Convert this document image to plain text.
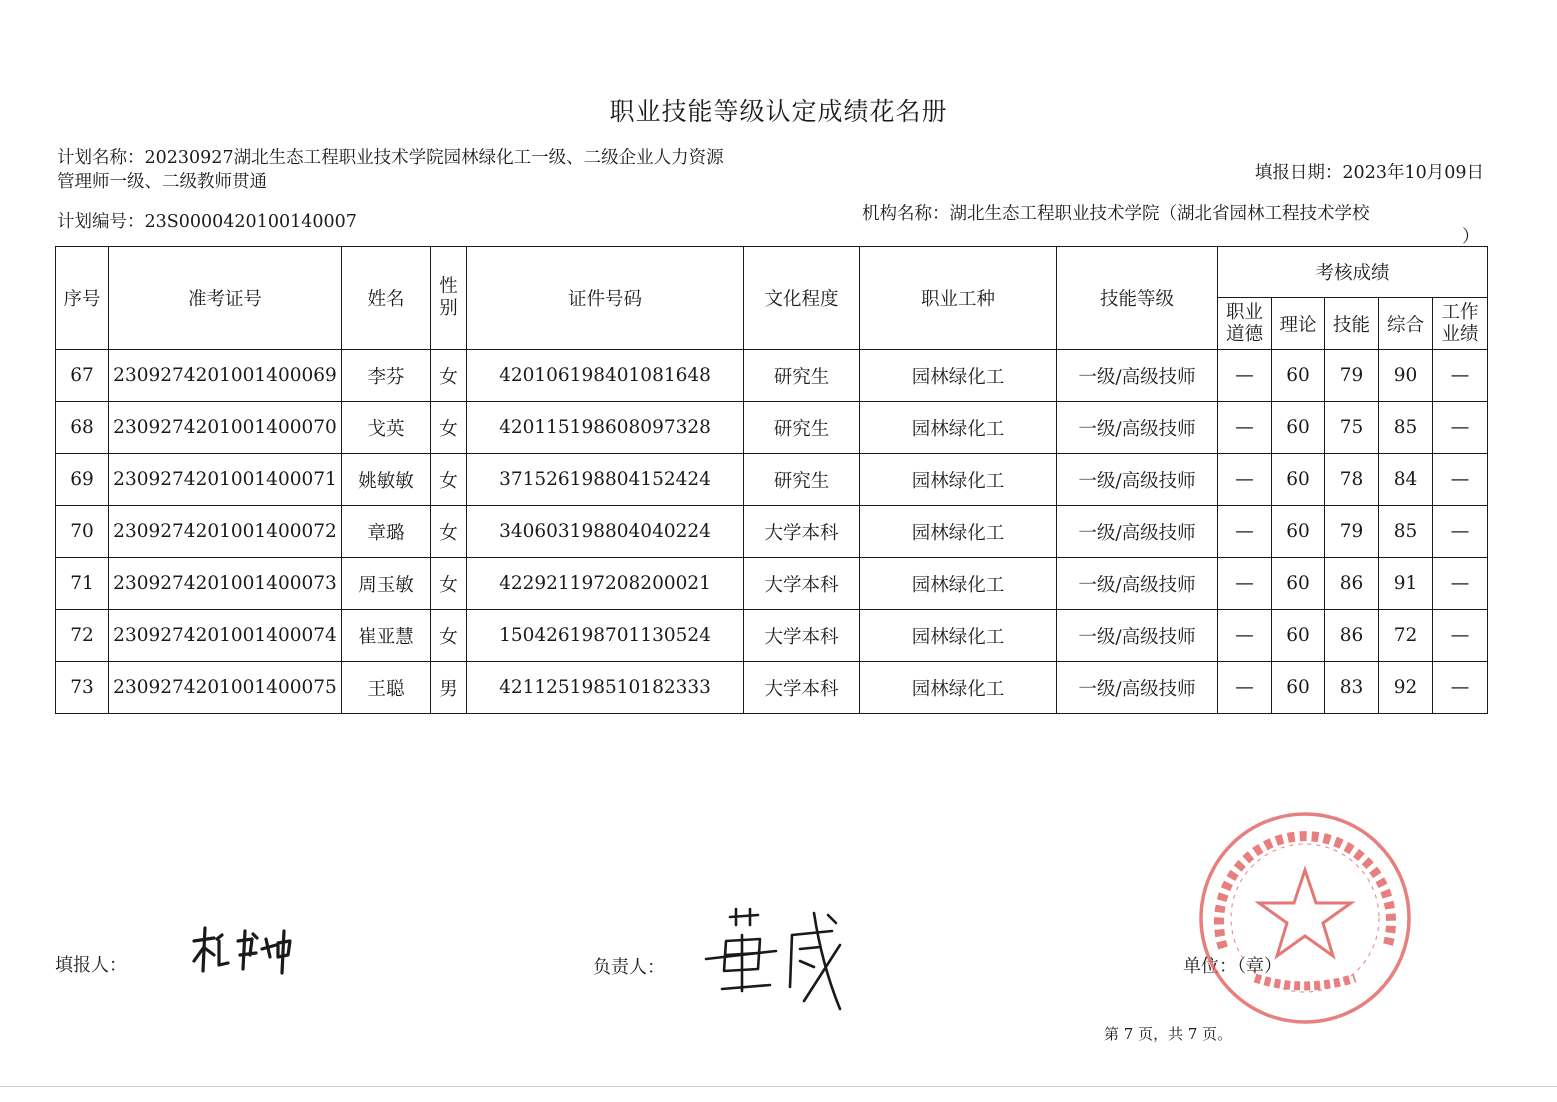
职业技能等级认定成绩花名册
计划名称：20230927湖北生态工程职业技术学院园林绿化工一级、二级企业人力资源
管理师一级、二级教师贯通	填报日期：2023年10月09日
计划编号：23S0000420100140007	机构名称：湖北生态工程职业技术学院（湖北省园林工程技术学校
）
序号	准考证号	姓名	性别	证件号码	文化程度	职业工种	技能等级	考核成绩				
								职业道德	理论	技能	综合	工作业绩
67	2309274201001400069	李芬	女	420106198401081648	研究生	园林绿化工	一级/高级技师	—	60	79	90	—
68	2309274201001400070	戈英	女	420115198608097328	研究生	园林绿化工	一级/高级技师	—	60	75	85	—
69	2309274201001400071	姚敏敏	女	371526198804152424	研究生	园林绿化工	一级/高级技师	—	60	78	84	—
70	2309274201001400072	章璐	女	340603198804040224	大学本科	园林绿化工	一级/高级技师	—	60	79	85	—
71	2309274201001400073	周玉敏	女	422921197208200021	大学本科	园林绿化工	一级/高级技师	—	60	86	91	—
72	2309274201001400074	崔亚慧	女	150426198701130524	大学本科	园林绿化工	一级/高级技师	—	60	86	72	—
73	2309274201001400075	王聪	男	421125198510182333	大学本科	园林绿化工	一级/高级技师	—	60	83	92	—
填报人：	负责人：	单位：（章）
第 7 页，共 7 页。
